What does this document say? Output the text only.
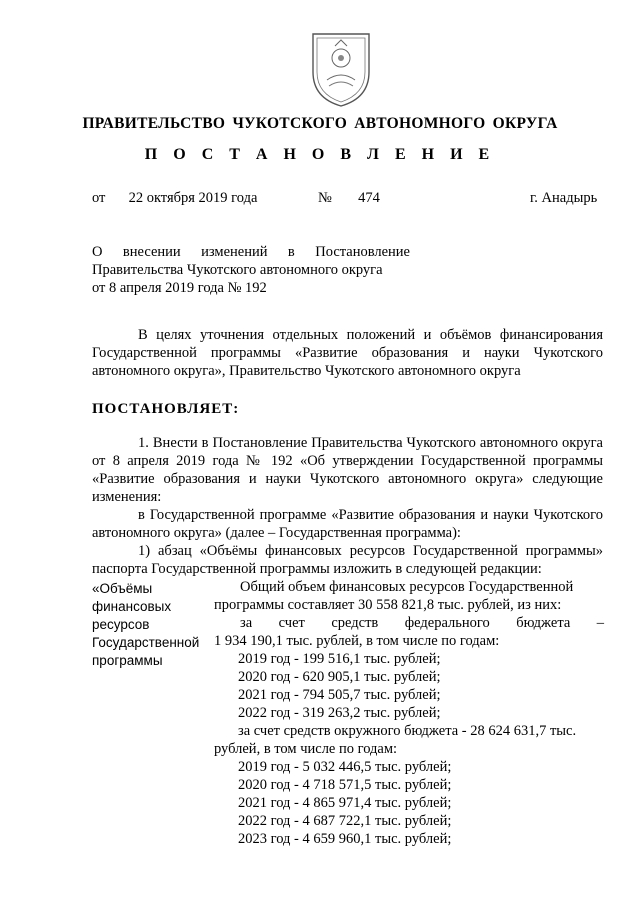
ПРАВИТЕЛЬСТВО ЧУКОТСКОГО АВТОНОМНОГО ОКРУГА
П О С Т А Н О В Л Е Н И Е
от	22 октября 2019 года	№	474	г. Анадырь
О внесении изменений в Постановление
Правительства Чукотского автономного округа
от 8 апреля 2019 года № 192
В целях уточнения отдельных положений и объёмов финансирования Государственной программы «Развитие образования и науки Чукотского автономного округа», Правительство Чукотского автономного округа
ПОСТАНОВЛЯЕТ:
1. Внести в Постановление Правительства Чукотского автономного округа от 8 апреля 2019 года № 192 «Об утверждении Государственной программы «Развитие образования и науки Чукотского автономного округа» следующие изменения:
в Государственной программе «Развитие образования и науки Чукотского автономного округа» (далее – Государственная программа):
1) абзац «Объёмы финансовых ресурсов Государственной программы» паспорта Государственной программы изложить в следующей редакции:
«Объёмы финансовых ресурсов Государственной программы
Общий объем финансовых ресурсов Государственной
программы составляет 30 558 821,8 тыс. рублей, из них:
за счет средств федерального бюджета –
1 934 190,1 тыс. рублей, в том числе по годам:
2019 год - 199 516,1 тыс. рублей;
2020 год - 620 905,1 тыс. рублей;
2021 год - 794 505,7 тыс. рублей;
2022 год - 319 263,2 тыс. рублей;
за счет средств окружного бюджета - 28 624 631,7 тыс.
рублей, в том числе по годам:
2019 год - 5 032 446,5 тыс. рублей;
2020 год - 4 718 571,5 тыс. рублей;
2021 год - 4 865 971,4 тыс. рублей;
2022 год - 4 687 722,1 тыс. рублей;
2023 год - 4 659 960,1 тыс. рублей;
